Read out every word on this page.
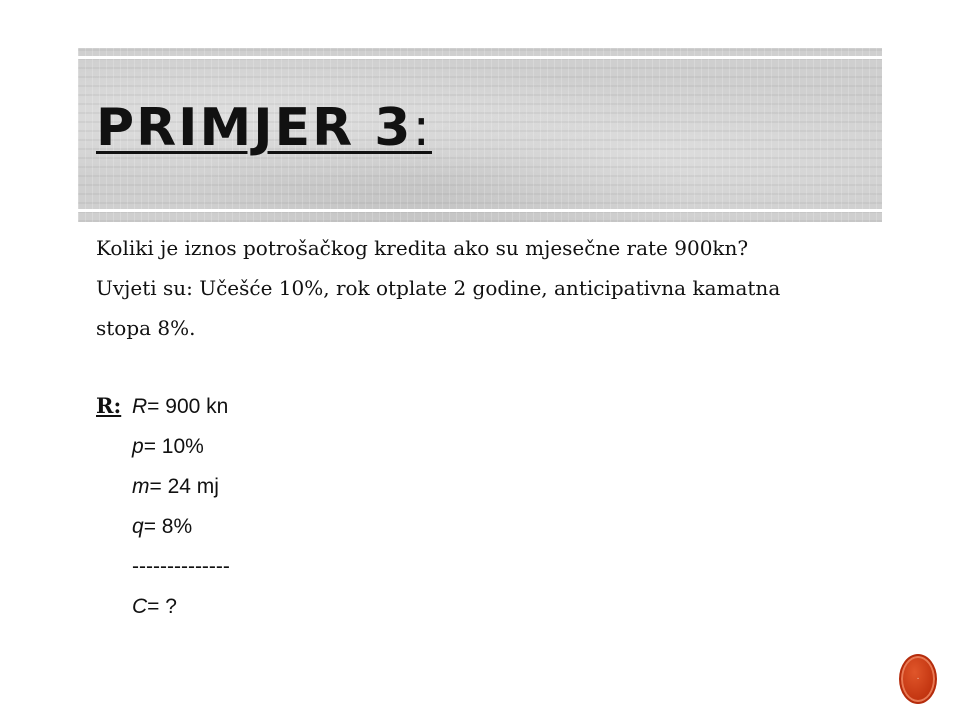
PRIMJER 3:
Koliki je iznos potrošačkog kredita ako su mjesečne rate 900kn?
Uvjeti su: Učešće 10%, rok otplate 2 godine, anticipativna kamatna
stopa 8%.
R: R = 900 kn
p = 10%
m = 24 mj
q = 8%
--------------
C = ?
·
